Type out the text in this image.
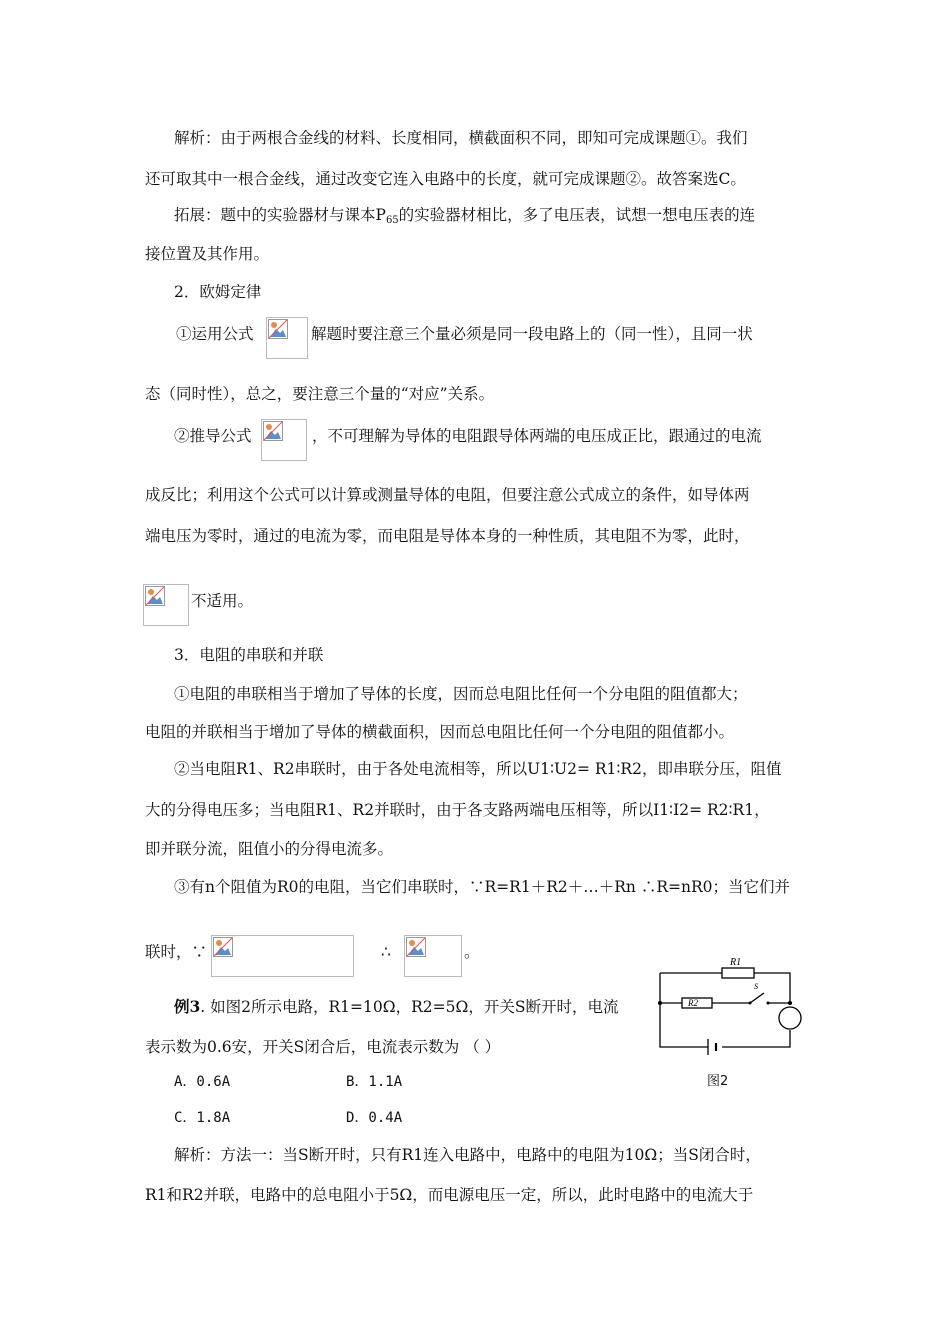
解析：由于两根合金线的材料、长度相同，横截面积不同，即知可完成课题①。我们
还可取其中一根合金线，通过改变它连入电路中的长度，就可完成课题②。故答案选C。
拓展：题中的实验器材与课本$P_{65}$的实验器材相比，多了电压表，试想一想电压表的连
接位置及其作用。
2．欧姆定律
①运用公式	解题时要注意三个量必须是同一段电路上的（同一性），且同一状
态（同时性），总之，要注意三个量的“对应”关系。
②推导公式	，不可理解为导体的电阻跟导体两端的电压成正比，跟通过的电流
成反比；利用这个公式可以计算或测量导体的电阻，但要注意公式成立的条件，如导体两
端电压为零时，通过的电流为零，而电阻是导体本身的一种性质，其电阻不为零，此时，
不适用。
3．电阻的串联和并联
①电阻的串联相当于增加了导体的长度，因而总电阻比任何一个分电阻的阻值都大；
电阻的并联相当于增加了导体的横截面积，因而总电阻比任何一个分电阻的阻值都小。
②当电阻R1、R2串联时，由于各处电流相等，所以U1∶U2= R1∶R2，即串联分压，阻值
大的分得电压多；当电阻R1、R2并联时，由于各支路两端电压相等，所以I1∶I2= R2∶R1，
即并联分流，阻值小的分得电流多。
③有n个阻值为R0的电阻，当它们串联时，∵R=R1＋R2＋…＋Rn ∴R=nR0；当它们并
联时，∵	∴	。
例3. 如图2所示电路，R1=10Ω，R2=5Ω，开关S断开时，电流
表示数为0.6安，开关S闭合后，电流表示数为 （ ）
A．0.6A	B．1.1A
C．1.8A	D．0.4A
R1
R2
S
图2
解析：方法一：当S断开时，只有R1连入电路中，电路中的电阻为10Ω；当S闭合时，
R1和R2并联，电路中的总电阻小于5Ω，而电源电压一定，所以，此时电路中的电流大于
